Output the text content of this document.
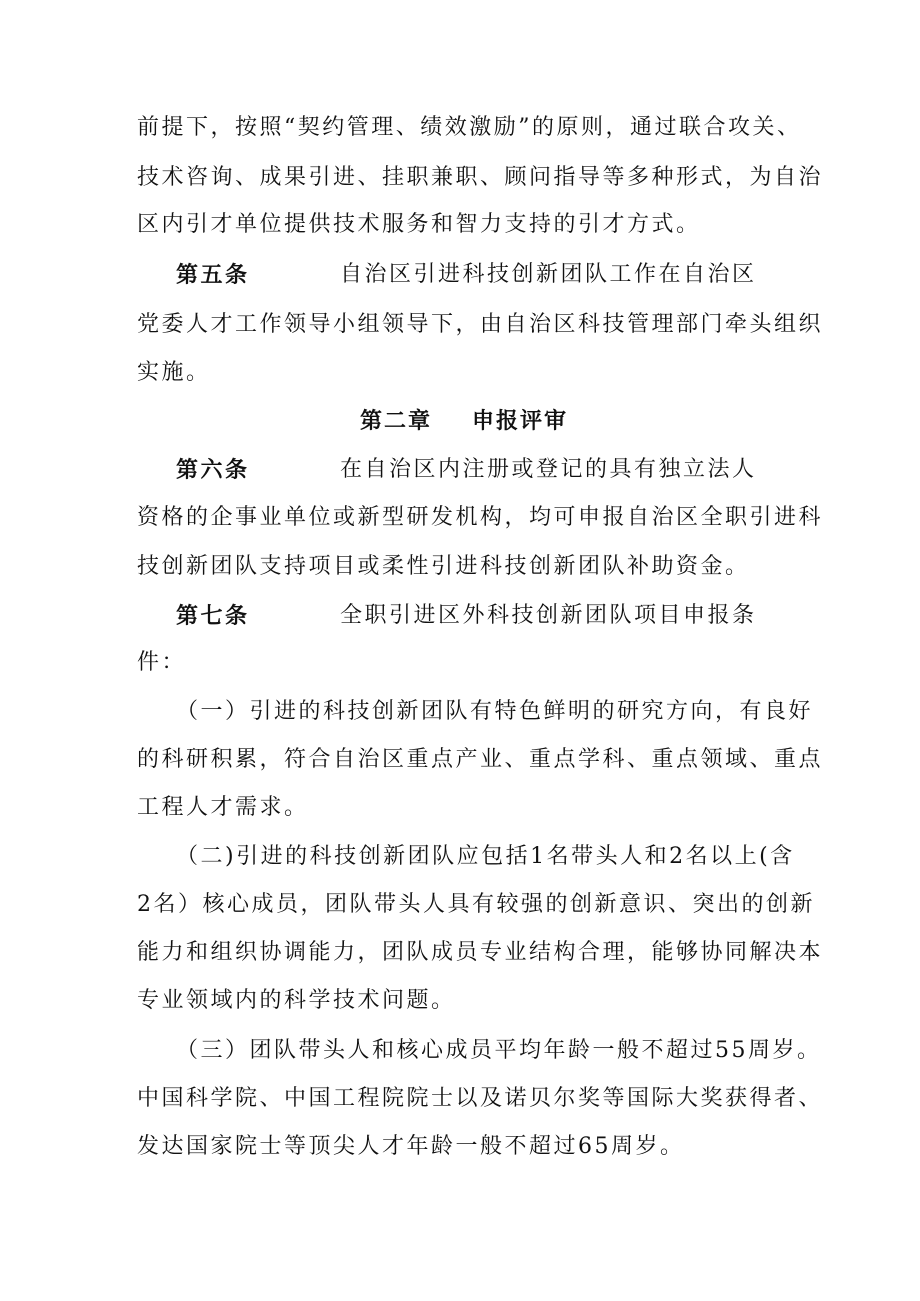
前提下，按照“契约管理、绩效激励”的原则，通过联合攻关、
技术咨询、成果引进、挂职兼职、顾问指导等多种形式，为自治
区内引才单位提供技术服务和智力支持的引才方式。
第五条	自治区引进科技创新团队工作在自治区
党委人才工作领导小组领导下，由自治区科技管理部门牵头组织
实施。
第二章 申报评审
第六条	在自治区内注册或登记的具有独立法人
资格的企事业单位或新型研发机构，均可申报自治区全职引进科
技创新团队支持项目或柔性引进科技创新团队补助资金。
第七条	全职引进区外科技创新团队项目申报条
件：
（一）引进的科技创新团队有特色鲜明的研究方向，有良好
的科研积累，符合自治区重点产业、重点学科、重点领域、重点
工程人才需求。
（二)引进的科技创新团队应包括1名带头人和2名以上(含
2名）核心成员，团队带头人具有较强的创新意识、突出的创新
能力和组织协调能力，团队成员专业结构合理，能够协同解决本
专业领域内的科学技术问题。
（三）团队带头人和核心成员平均年龄一般不超过55周岁。
中国科学院、中国工程院院士以及诺贝尔奖等国际大奖获得者、
发达国家院士等顶尖人才年龄一般不超过65周岁。
